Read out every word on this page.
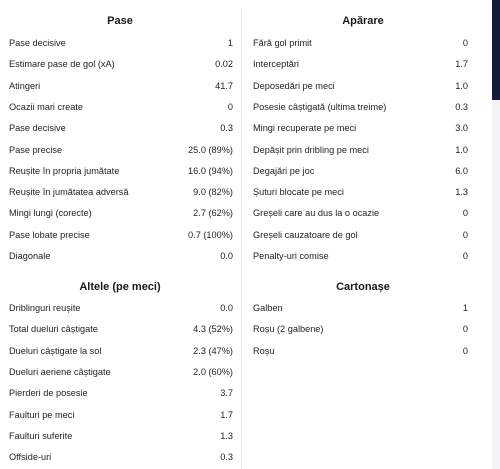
Pase
Pase decisive	1
Estimare pase de gol (xA)	0.02
Atingeri	41.7
Ocazii mari create	0
Pase decisive	0.3
Pase precise	25.0 (89%)
Reușite în propria jumătate	16.0 (94%)
Reușite în jumătatea adversă	9.0 (82%)
Mingi lungi (corecte)	2.7 (62%)
Pase lobate precise	0.7 (100%)
Diagonale	0.0
Altele (pe meci)
Driblinguri reușite	0.0
Total dueluri câștigate	4.3 (52%)
Dueluri câștigate la sol	2.3 (47%)
Dueluri aeriene câștigate	2.0 (60%)
Pierderi de posesie	3.7
Faulturi pe meci	1.7
Faulturi suferite	1.3
Offside-uri	0.3
Apărare
Fără gol primit	0
Interceptări	1.7
Deposedări pe meci	1.0
Posesie câștigată (ultima treime)	0.3
Mingi recuperate pe meci	3.0
Depășit prin dribling pe meci	1.0
Degajări pe joc	6.0
Șuturi blocate pe meci	1.3
Greșeli care au dus la o ocazie	0
Greșeli cauzatoare de gol	0
Penalty-uri comise	0
Cartonașe
Galben	1
Roșu (2 galbene)	0
Roșu	0
